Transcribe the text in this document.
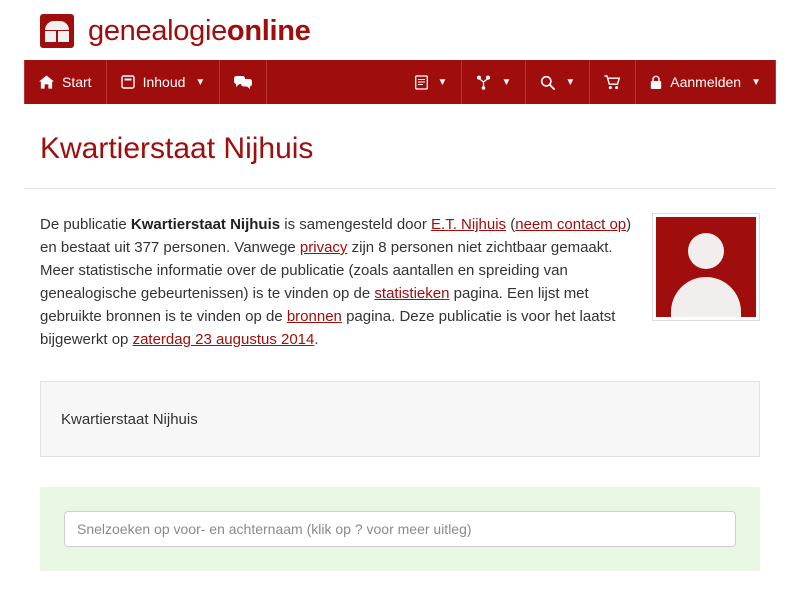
genealogieonline
Start	Inhoud ▼	▼	▼	▼	Aanmelden ▼
Kwartierstaat Nijhuis
De publicatie Kwartierstaat Nijhuis is samengesteld door E.T. Nijhuis (neem contact op) en bestaat uit 377 personen. Vanwege privacy zijn 8 personen niet zichtbaar gemaakt. Meer statistische informatie over de publicatie (zoals aantallen en spreiding van genealogische gebeurtenissen) is te vinden op de statistieken pagina. Een lijst met gebruikte bronnen is te vinden op de bronnen pagina. Deze publicatie is voor het laatst bijgewerkt op zaterdag 23 augustus 2014.
Kwartierstaat Nijhuis
Snelzoeken op voor- en achternaam (klik op ? voor meer uitleg)
